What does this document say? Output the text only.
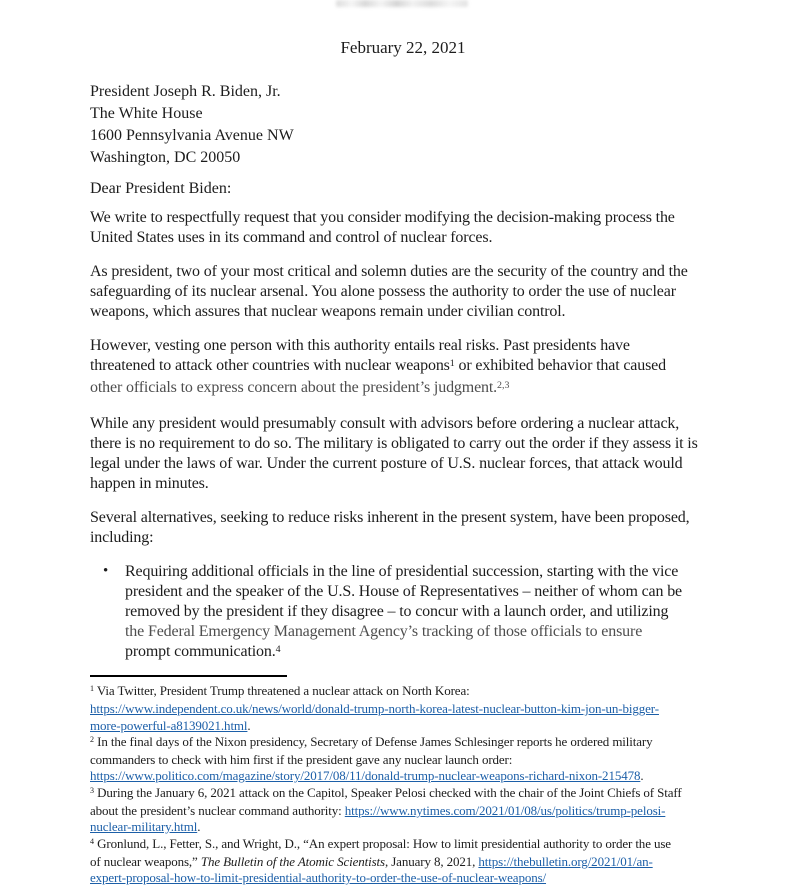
February 22, 2021
President Joseph R. Biden, Jr.
The White House
1600 Pennsylvania Avenue NW
Washington, DC 20050
Dear President Biden:
We write to respectfully request that you consider modifying the decision-making process the
United States uses in its command and control of nuclear forces.
As president, two of your most critical and solemn duties are the security of the country and the
safeguarding of its nuclear arsenal. You alone possess the authority to order the use of nuclear
weapons, which assures that nuclear weapons remain under civilian control.
However, vesting one person with this authority entails real risks. Past presidents have
threatened to attack other countries with nuclear weapons$^1$ or exhibited behavior that caused
other officials to express concern about the president’s judgment.$^{2,3}$
While any president would presumably consult with advisors before ordering a nuclear attack,
there is no requirement to do so. The military is obligated to carry out the order if they assess it is
legal under the laws of war. Under the current posture of U.S. nuclear forces, that attack would
happen in minutes.
Several alternatives, seeking to reduce risks inherent in the present system, have been proposed,
including:
• Requiring additional officials in the line of presidential succession, starting with the vice
president and the speaker of the U.S. House of Representatives – neither of whom can be
removed by the president if they disagree – to concur with a launch order, and utilizing
the Federal Emergency Management Agency’s tracking of those officials to ensure
prompt communication.$^4$
$^1$ Via Twitter, President Trump threatened a nuclear attack on North Korea:
https://www.independent.co.uk/news/world/donald-trump-north-korea-latest-nuclear-button-kim-jon-un-bigger-
more-powerful-a8139021.html.
$^2$ In the final days of the Nixon presidency, Secretary of Defense James Schlesinger reports he ordered military
commanders to check with him first if the president gave any nuclear launch order:
https://www.politico.com/magazine/story/2017/08/11/donald-trump-nuclear-weapons-richard-nixon-215478.
$^3$ During the January 6, 2021 attack on the Capitol, Speaker Pelosi checked with the chair of the Joint Chiefs of Staff
about the president’s nuclear command authority: https://www.nytimes.com/2021/01/08/us/politics/trump-pelosi-
nuclear-military.html.
$^4$ Gronlund, L., Fetter, S., and Wright, D., “An expert proposal: How to limit presidential authority to order the use
of nuclear weapons,” The Bulletin of the Atomic Scientists, January 8, 2021, https://thebulletin.org/2021/01/an-
expert-proposal-how-to-limit-presidential-authority-to-order-the-use-of-nuclear-weapons/
